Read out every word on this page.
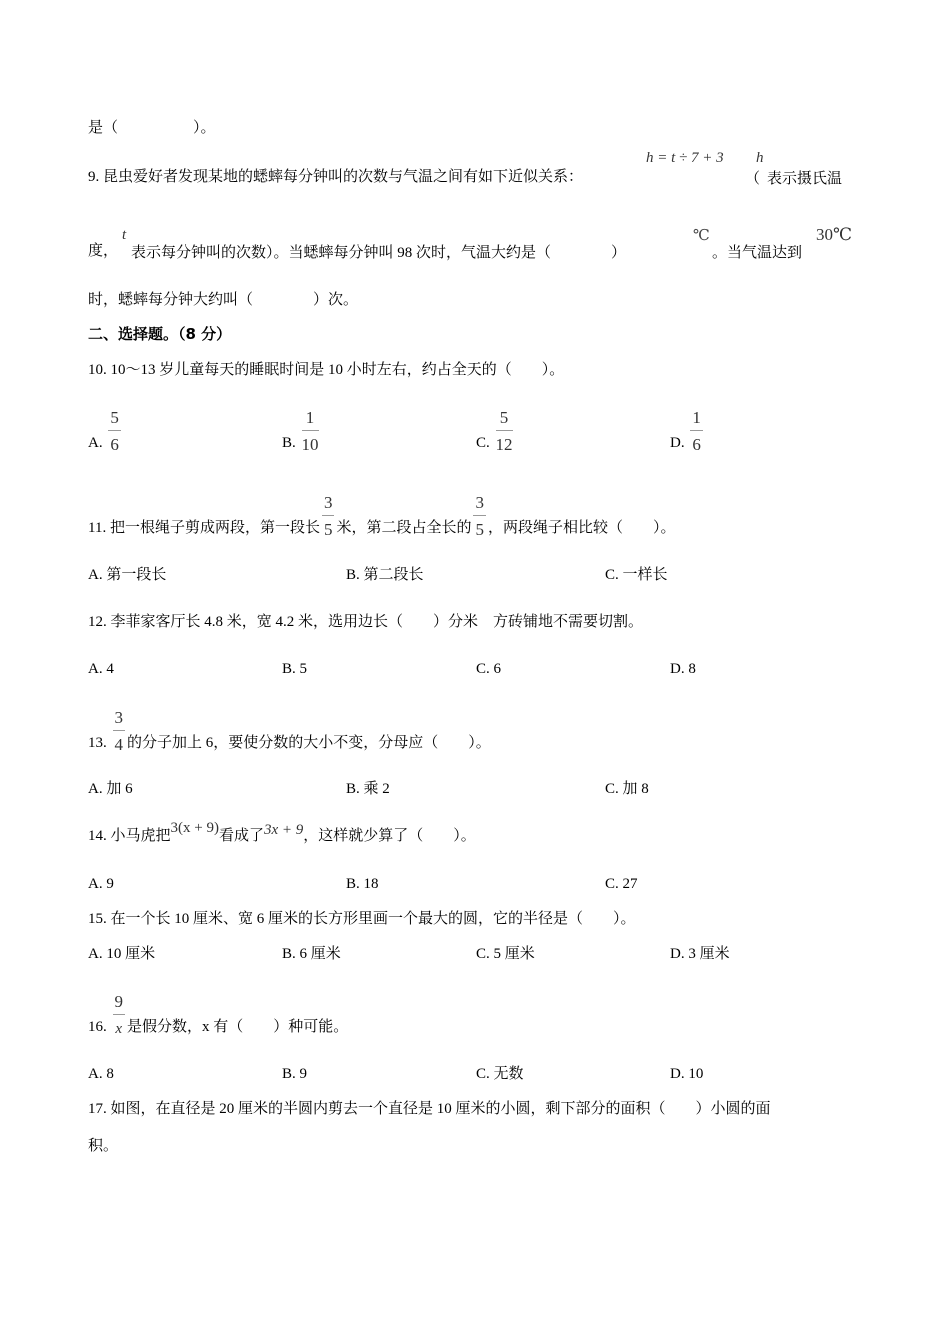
是（　　　　　）。
9. 昆虫爱好者发现某地的蟋蟀每分钟叫的次数与气温之间有如下近似关系：
h = t ÷ 7 + 3 h
（ 表示摄氏温
度，
t
表示每分钟叫的次数）。当蟋蟀每分钟叫 98 次时，气温大约是（　　　　）
℃
。当气温达到
30℃
时，蟋蟀每分钟大约叫（　　　　）次。
二、选择题。（8 分）
10. 10～13 岁儿童每天的睡眠时间是 10 小时左右，约占全天的（　　）。
A. $\frac{5}{6}$	B. $\frac{1}{10}$	C. $\frac{5}{12}$	D. $\frac{1}{6}$
11. 把一根绳子剪成两段，第一段长 $\frac{3}{5}$ 米，第二段占全长的 $\frac{3}{5}$ ，两段绳子相比较（　　）。
A. 第一段长	B. 第二段长	C. 一样长
12. 李菲家客厅长 4.8 米，宽 4.2 米，选用边长（　　）分米　方砖铺地不需要切割。
A. 4	B. 5	C. 6	D. 8
13. $\frac{3}{4}$ 的分子加上 6，要使分数的大小不变，分母应（　　）。
A. 加 6	B. 乘 2	C. 加 8
14. 小马虎把3(x + 9)看成了3x + 9，这样就少算了（　　）。
A. 9	B. 18	C. 27
15. 在一个长 10 厘米、宽 6 厘米的长方形里画一个最大的圆，它的半径是（　　）。
A. 10 厘米	B. 6 厘米	C. 5 厘米	D. 3 厘米
16. $\frac{9}{x}$ 是假分数，x 有（　　）种可能。
A. 8	B. 9	C. 无数	D. 10
17. 如图，在直径是 20 厘米的半圆内剪去一个直径是 10 厘米的小圆，剩下部分的面积（　　）小圆的面
积。
